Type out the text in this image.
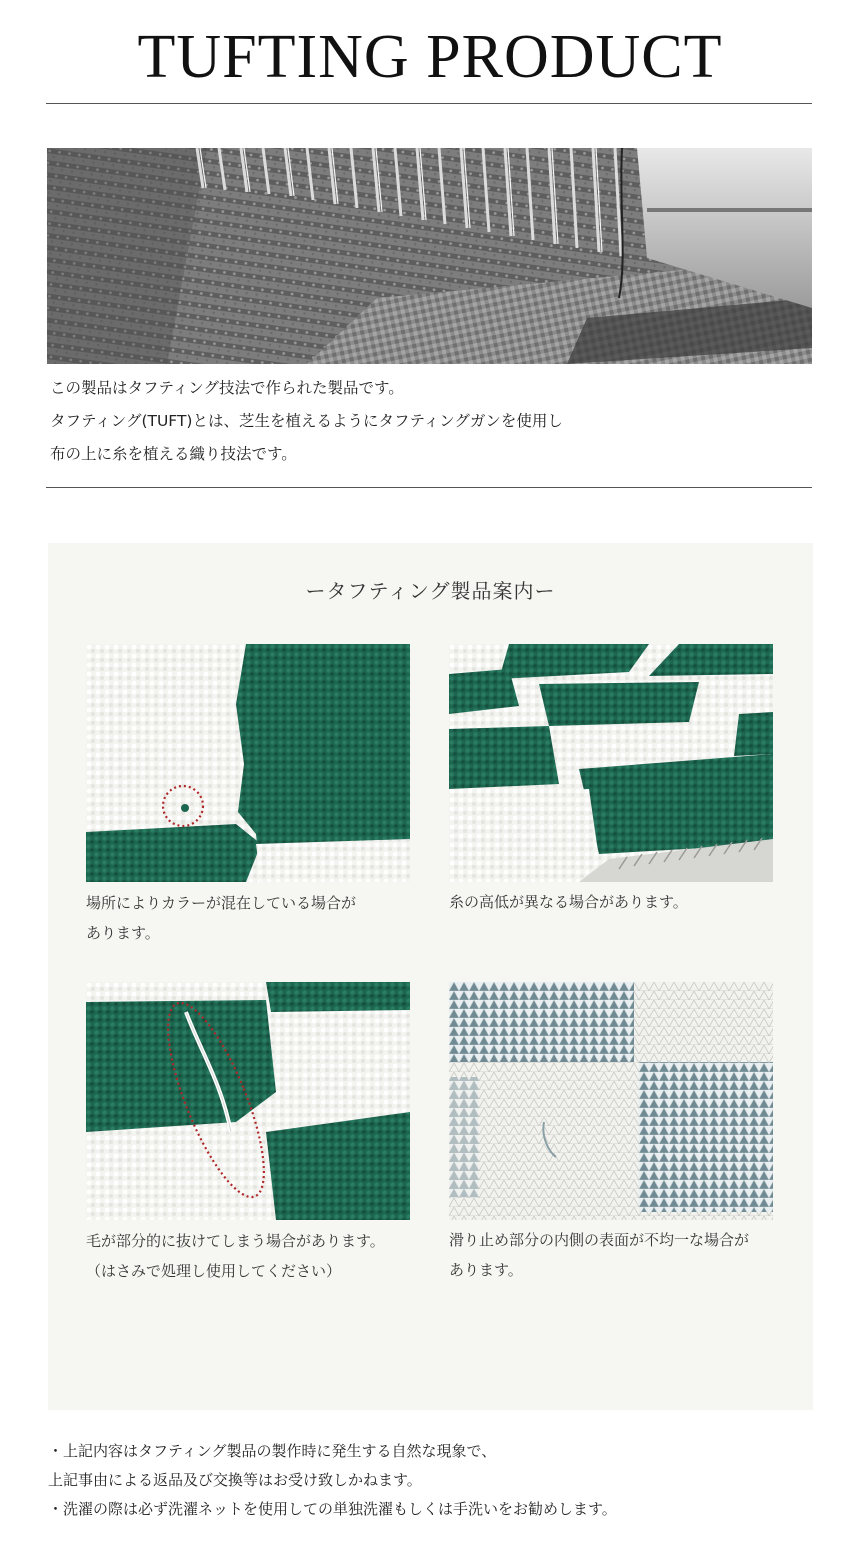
TUFTING PRODUCT

この製品はタフティング技法で作られた製品です。

タフティング(TUFT)とは、芝生を植えるようにタフティングガンを使用し

布の上に糸を植える織り技法です。

ータフティング製品案内ー
場所によりカラーが混在している場合が
あります。
糸の高低が異なる場合があります。
毛が部分的に抜けてしまう場合があります。
（はさみで処理し使用してください）
滑り止め部分の内側の表面が不均一な場合が
あります。
・上記内容はタフティング製品の製作時に発生する自然な現象で、
上記事由による返品及び交換等はお受け致しかねます。
・洗濯の際は必ず洗濯ネットを使用しての単独洗濯もしくは手洗いをお勧めします。
